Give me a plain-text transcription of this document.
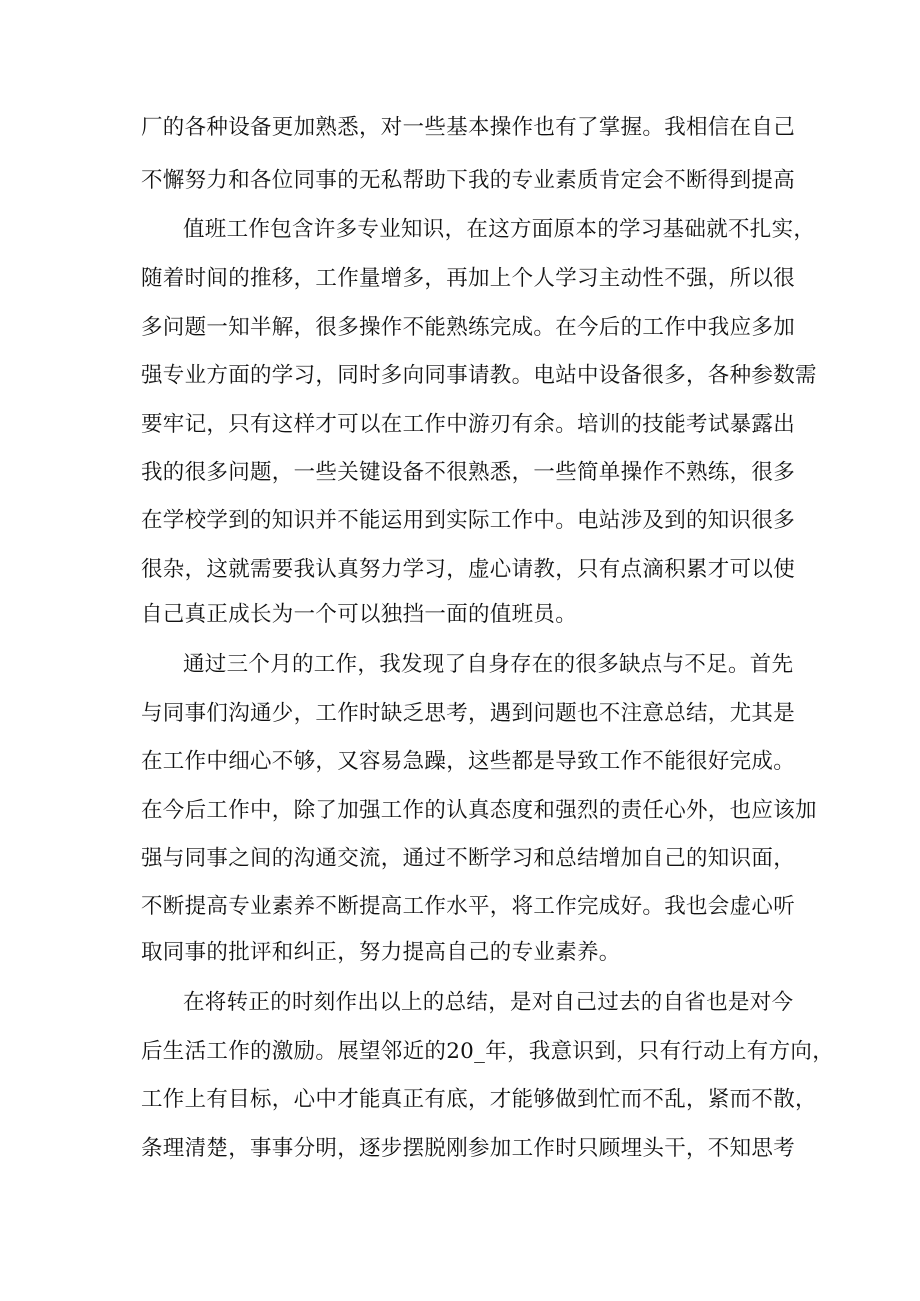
厂的各种设备更加熟悉，对一些基本操作也有了掌握。我相信在自己
不懈努力和各位同事的无私帮助下我的专业素质肯定会不断得到提高
值班工作包含许多专业知识，在这方面原本的学习基础就不扎实，
随着时间的推移，工作量增多，再加上个人学习主动性不强，所以很
多问题一知半解，很多操作不能熟练完成。在今后的工作中我应多加
强专业方面的学习，同时多向同事请教。电站中设备很多，各种参数需
要牢记，只有这样才可以在工作中游刃有余。培训的技能考试暴露出
我的很多问题，一些关键设备不很熟悉，一些简单操作不熟练，很多
在学校学到的知识并不能运用到实际工作中。电站涉及到的知识很多
很杂，这就需要我认真努力学习，虚心请教，只有点滴积累才可以使
自己真正成长为一个可以独挡一面的值班员。
通过三个月的工作，我发现了自身存在的很多缺点与不足。首先
与同事们沟通少，工作时缺乏思考，遇到问题也不注意总结，尤其是
在工作中细心不够，又容易急躁，这些都是导致工作不能很好完成。
在今后工作中，除了加强工作的认真态度和强烈的责任心外，也应该加
强与同事之间的沟通交流，通过不断学习和总结增加自己的知识面，
不断提高专业素养不断提高工作水平，将工作完成好。我也会虚心听
取同事的批评和纠正，努力提高自己的专业素养。
在将转正的时刻作出以上的总结，是对自己过去的自省也是对今
后生活工作的激励。展望邻近的20_年，我意识到，只有行动上有方向，
工作上有目标，心中才能真正有底，才能够做到忙而不乱，紧而不散，
条理清楚，事事分明，逐步摆脱刚参加工作时只顾埋头干，不知思考
